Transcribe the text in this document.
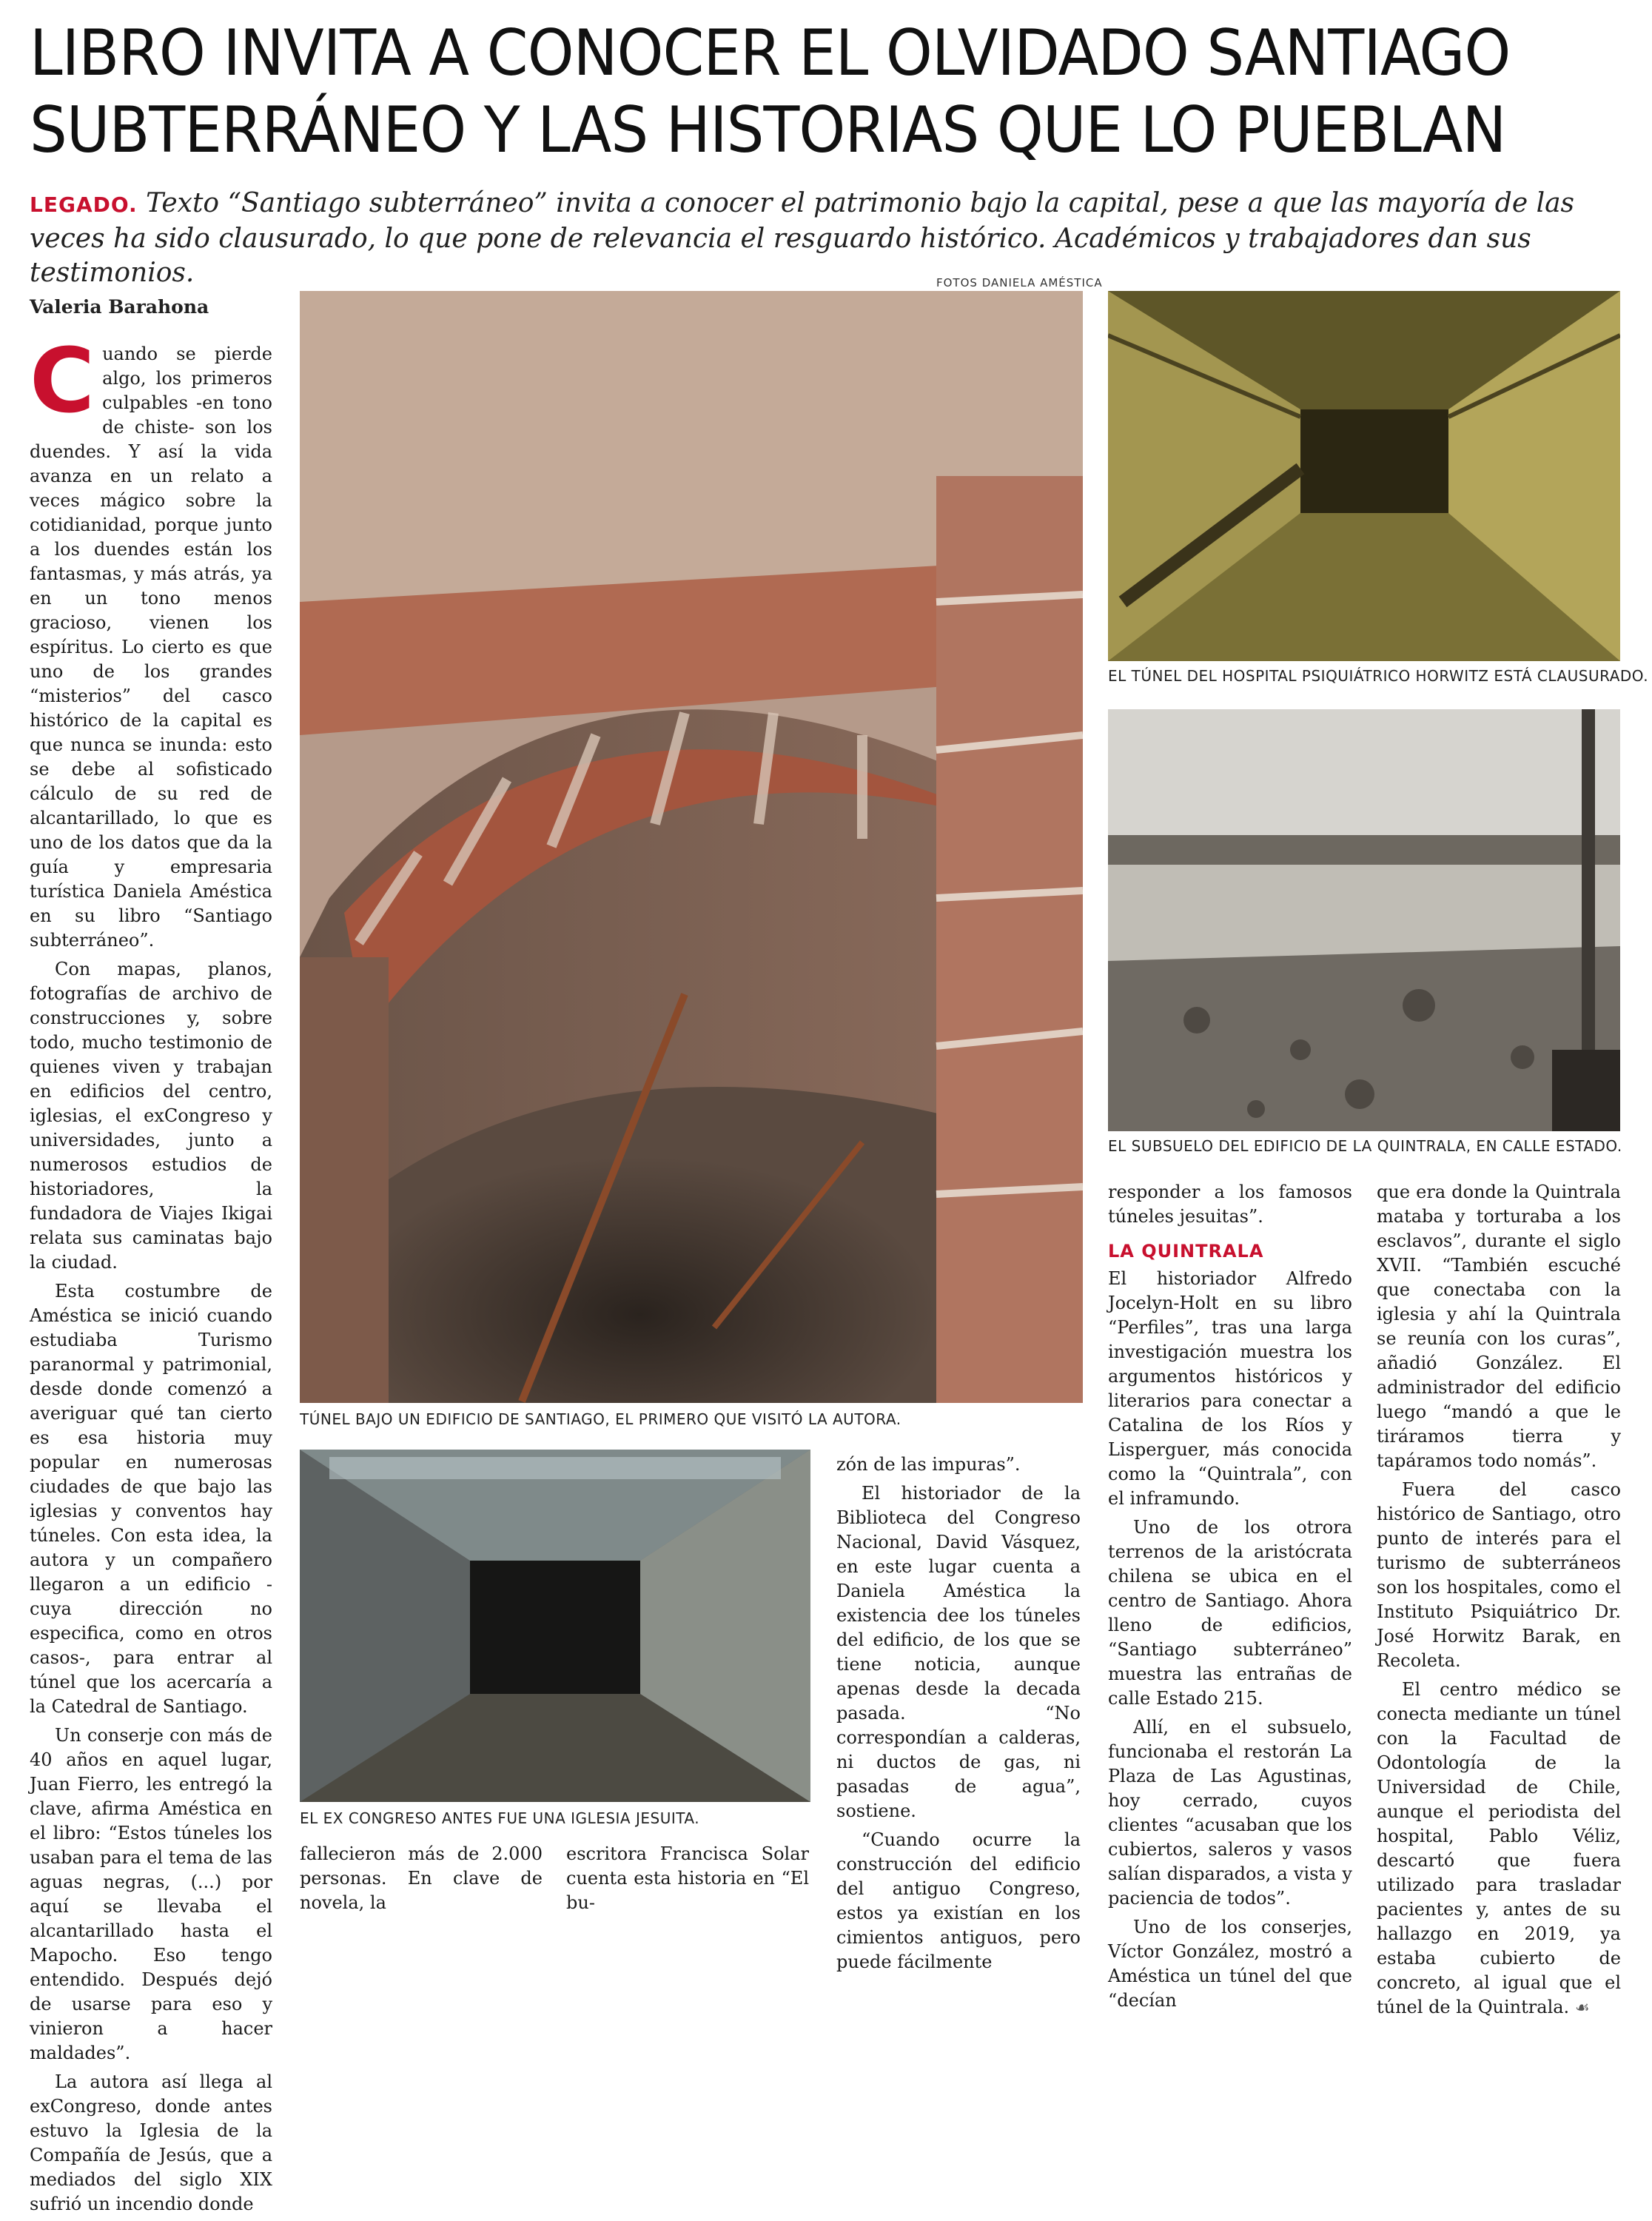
LIBRO INVITA A CONOCER EL OLVIDADO SANTIAGO
SUBTERRÁNEO Y LAS HISTORIAS QUE LO PUEBLAN

LEGADO. Texto “Santiago subterráneo” invita a conocer el patrimonio bajo la capital, pese a que las mayoría de las veces ha sido clausurado, lo que pone de relevancia el resguardo histórico. Académicos y trabajadores dan sus testimonios.

Valeria Barahona
FOTOS DANIELA AMÉSTICA
TÚNEL BAJO UN EDIFICIO DE SANTIAGO, EL PRIMERO QUE VISITÓ LA AUTORA.
EL TÚNEL DEL HOSPITAL PSIQUIÁTRICO HORWITZ ESTÁ CLAUSURADO.
EL SUBSUELO DEL EDIFICIO DE LA QUINTRALA, EN CALLE ESTADO.
EL EX CONGRESO ANTES FUE UNA IGLESIA JESUITA.

Cuando se pierde algo, los primeros culpables -en tono de chiste- son los duendes. Y así la vida avanza en un relato a veces mágico sobre la cotidianidad, porque junto a los duendes están los fantasmas, y más atrás, ya en un tono menos gracioso, vienen los espíritus. Lo cierto es que uno de los grandes “misterios” del casco histórico de la capital es que nunca se inunda: esto se debe al sofisticado cálculo de su red de alcantarillado, lo que es uno de los datos que da la guía y empresaria turística Daniela Améstica en su libro “Santiago subterráneo”.

Con mapas, planos, fotografías de archivo de construcciones y, sobre todo, mucho testimonio de quienes viven y trabajan en edificios del centro, iglesias, el exCongreso y universidades, junto a numerosos estudios de historiadores, la fundadora de Viajes Ikigai relata sus caminatas bajo la ciudad.

Esta costumbre de Améstica se inició cuando estudiaba Turismo paranormal y patrimonial, desde donde comenzó a averiguar qué tan cierto es esa historia muy popular en numerosas ciudades de que bajo las iglesias y conventos hay túneles. Con esta idea, la autora y un compañero llegaron a un edificio -cuya dirección no especifica, como en otros casos-, para entrar al túnel que los acercaría a la Catedral de Santiago.

Un conserje con más de 40 años en aquel lugar, Juan Fierro, les entregó la clave, afirma Améstica en el libro: “Estos túneles los usaban para el tema de las aguas negras, (...) por aquí se llevaba el alcantarillado hasta el Mapocho. Eso tengo entendido. Después dejó de usarse para eso y vinieron a hacer maldades”.

La autora así llega al exCongreso, donde antes estuvo la Iglesia de la Compañía de Jesús, que a mediados del siglo XIX sufrió un incendio donde

fallecieron más de 2.000 personas. En clave de novela, la

escritora Francisca Solar cuenta esta historia en “El bu-

zón de las impuras”.

El historiador de la Biblioteca del Congreso Nacional, David Vásquez, en este lugar cuenta a Daniela Améstica la existencia dee los túneles del edificio, de los que se tiene noticia, aunque apenas desde la decada pasada. “No correspondían a calderas, ni ductos de gas, ni pasadas de agua”, sostiene.

“Cuando ocurre la construcción del edificio del antiguo Congreso, estos ya existían en los cimientos antiguos, pero puede fácilmente

responder a los famosos túneles jesuitas”.

LA QUINTRALA

El historiador Alfredo Jocelyn-Holt en su libro “Perfiles”, tras una larga investigación muestra los argumentos históricos y literarios para conectar a Catalina de los Ríos y Lisperguer, más conocida como la “Quintrala”, con el inframundo.

Uno de los otrora terrenos de la aristócrata chilena se ubica en el centro de Santiago. Ahora lleno de edificios, “Santiago subterráneo” muestra las entrañas de calle Estado 215.

Allí, en el subsuelo, funcionaba el restorán La Plaza de Las Agustinas, hoy cerrado, cuyos clientes “acusaban que los cubiertos, saleros y vasos salían disparados, a vista y paciencia de todos”.

Uno de los conserjes, Víctor González, mostró a Améstica un túnel del que “decían

que era donde la Quintrala mataba y torturaba a los esclavos”, durante el siglo XVII. “También escuché que conectaba con la iglesia y ahí la Quintrala se reunía con los curas”, añadió González. El administrador del edificio luego “mandó a que le tiráramos tierra y tapáramos todo nomás”.

Fuera del casco histórico de Santiago, otro punto de interés para el turismo de subterráneos son los hospitales, como el Instituto Psiquiátrico Dr. José Horwitz Barak, en Recoleta.

El centro médico se conecta mediante un túnel con la Facultad de Odontología de la Universidad de Chile, aunque el periodista del hospital, Pablo Véliz, descartó que fuera utilizado para trasladar pacientes y, antes de su hallazgo en 2019, ya estaba cubierto de concreto, al igual que el túnel de la Quintrala. ☙
